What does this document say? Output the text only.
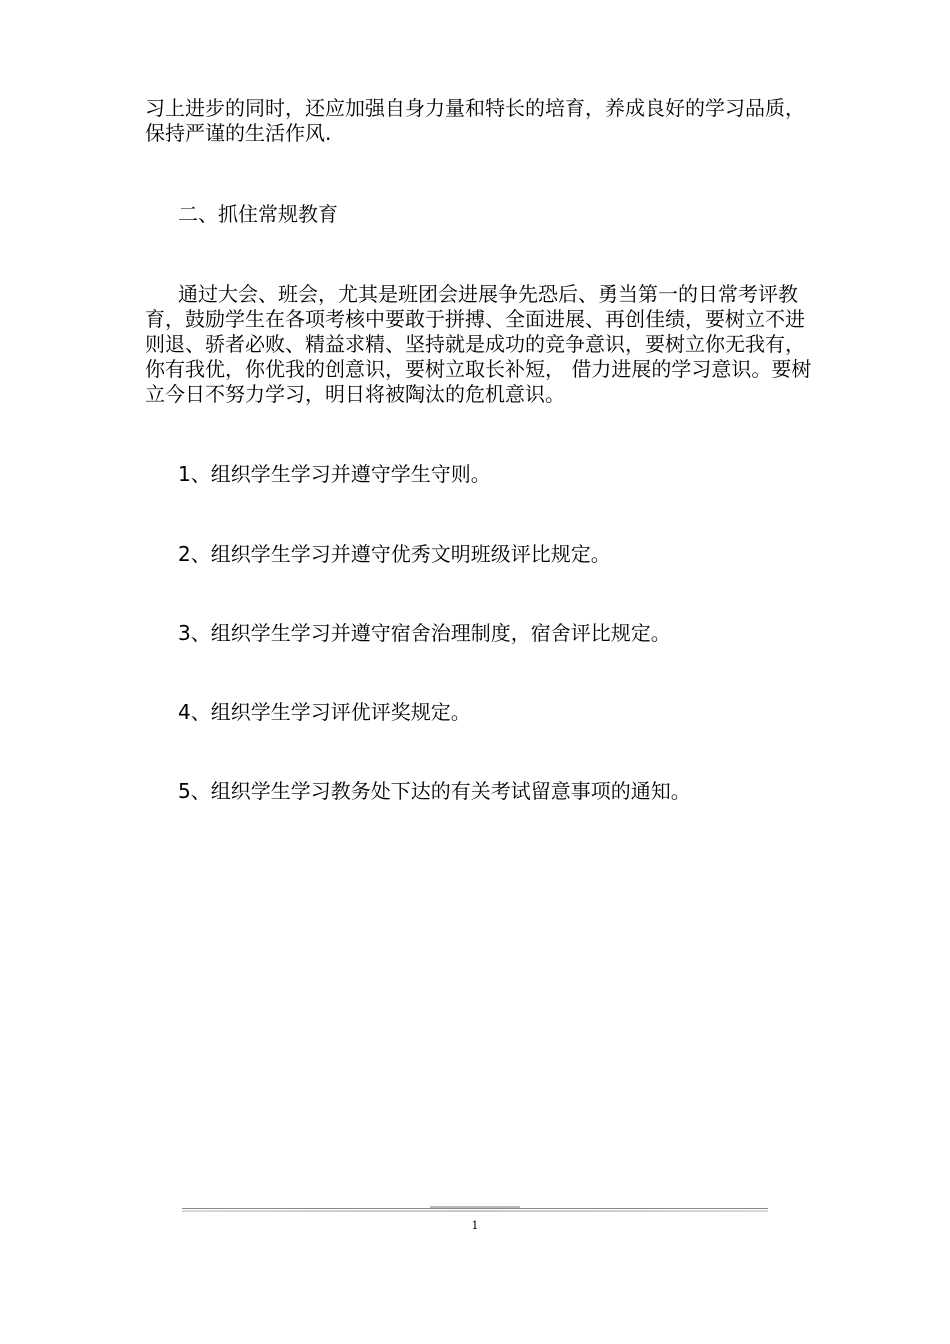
习上进步的同时，还应加强自身力量和特长的培育，养成良好的学习品质，保持严谨的生活作风.
二、抓住常规教育
通过大会、班会，尤其是班团会进展争先恐后、勇当第一的日常考评教育，鼓励学生在各项考核中要敢于拼搏、全面进展、再创佳绩，要树立不进则退、骄者必败、精益求精、坚持就是成功的竞争意识，要树立你无我有，你有我优，你优我的创意识，要树立取长补短， 借力进展的学习意识。要树立今日不努力学习，明日将被陶汰的危机意识。
1、组织学生学习并遵守学生守则。
2、组织学生学习并遵守优秀文明班级评比规定。
3、组织学生学习并遵守宿舍治理制度，宿舍评比规定。
4、组织学生学习评优评奖规定。
5、组织学生学习教务处下达的有关考试留意事项的通知。
1
